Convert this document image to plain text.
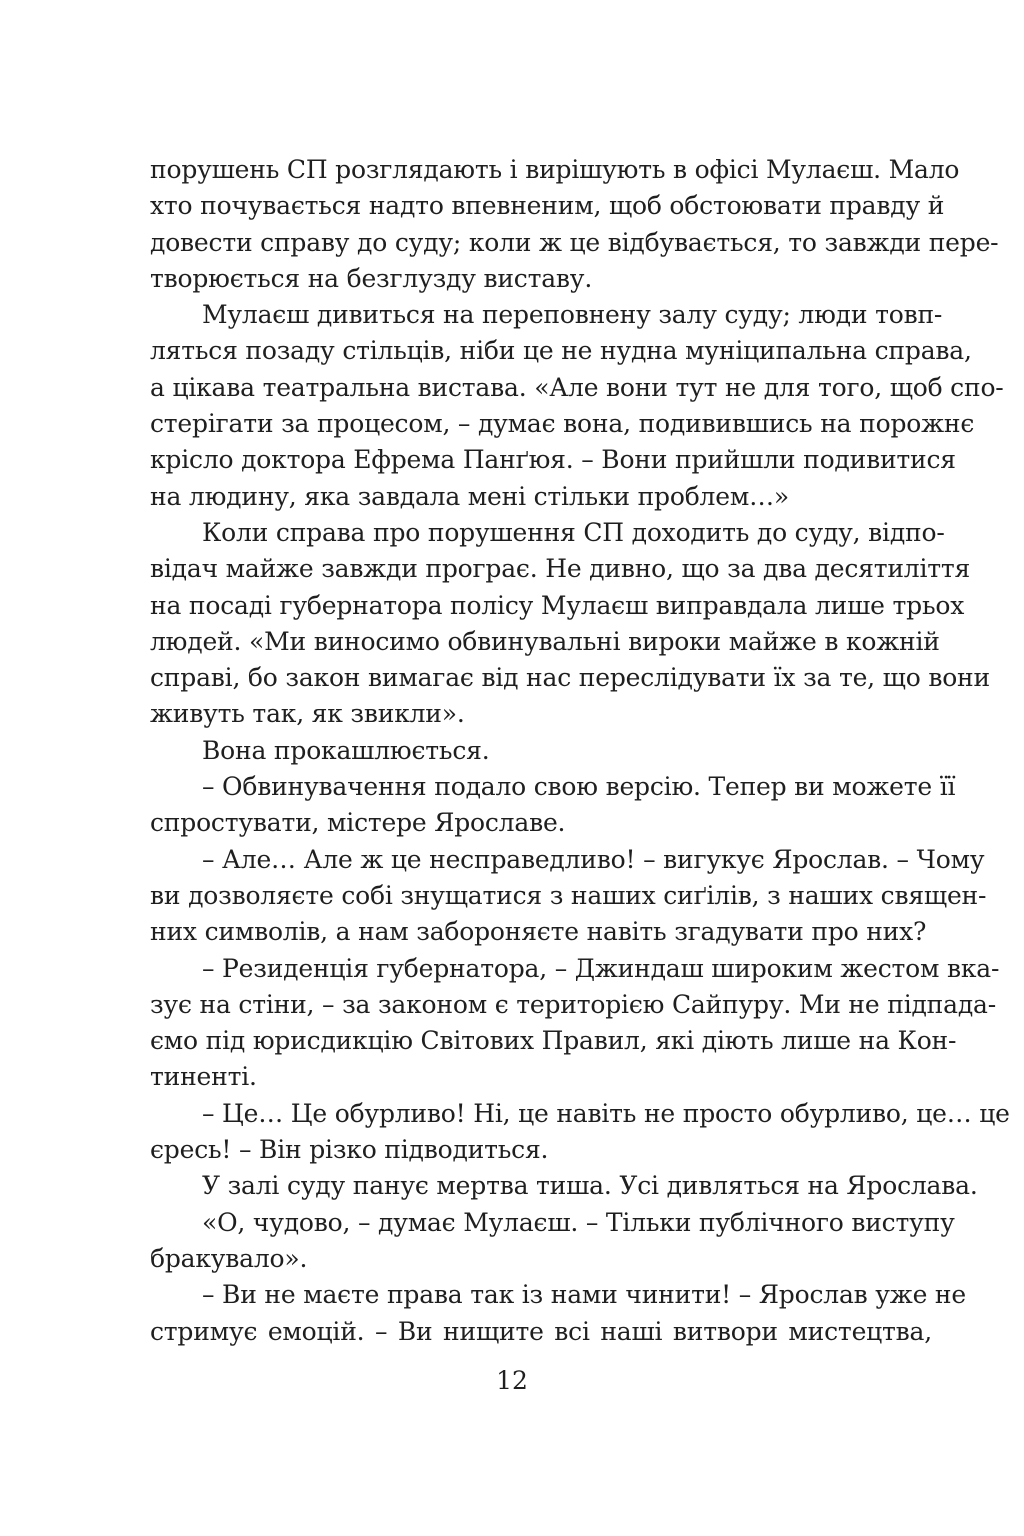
порушень СП розглядають і вирішують в офісі Мулаєш. Мало
хто почувається надто впевненим, щоб обстоювати правду й
довести справу до суду; коли ж це відбувається, то завжди пере-
творюється на безглузду виставу.
Мулаєш дивиться на переповнену залу суду; люди товп-
ляться позаду стільців, ніби це не нудна муніципальна справа,
а цікава театральна вистава. «Але вони тут не для того, щоб спо-
стерігати за процесом, – думає вона, подивившись на порожнє
крісло доктора Ефрема Панґюя. – Вони прийшли подивитися
на людину, яка завдала мені стільки проблем…»
Коли справа про порушення СП доходить до суду, відпо-
відач майже завжди програє. Не дивно, що за два десятиліття
на посаді губернатора полісу Мулаєш виправдала лише трьох
людей. «Ми виносимо обвинувальні вироки майже в кожній
справі, бо закон вимагає від нас переслідувати їх за те, що вони
живуть так, як звикли».
Вона прокашлюється.
– Обвинувачення подало свою версію. Тепер ви можете її
спростувати, містере Ярославе.
– Але… Але ж це несправедливо! – вигукує Ярослав. – Чому
ви дозволяєте собі знущатися з наших сиґілів, з наших священ-
них символів, а нам забороняєте навіть згадувати про них?
– Резиденція губернатора, – Джиндаш широким жестом вка-
зує на стіни, – за законом є територією Сайпуру. Ми не підпада-
ємо під юрисдикцію Світових Правил, які діють лише на Кон-
тиненті.
– Це… Це обурливо! Ні, це навіть не просто обурливо, це… це
єресь! – Він різко підводиться.
У залі суду панує мертва тиша. Усі дивляться на Ярослава.
«О, чудово, – думає Мулаєш. – Тільки публічного виступу
бракувало».
– Ви не маєте права так із нами чинити! – Ярослав уже не
стримує емоцій. – Ви нищите всі наші витвори мистецтва,
12
